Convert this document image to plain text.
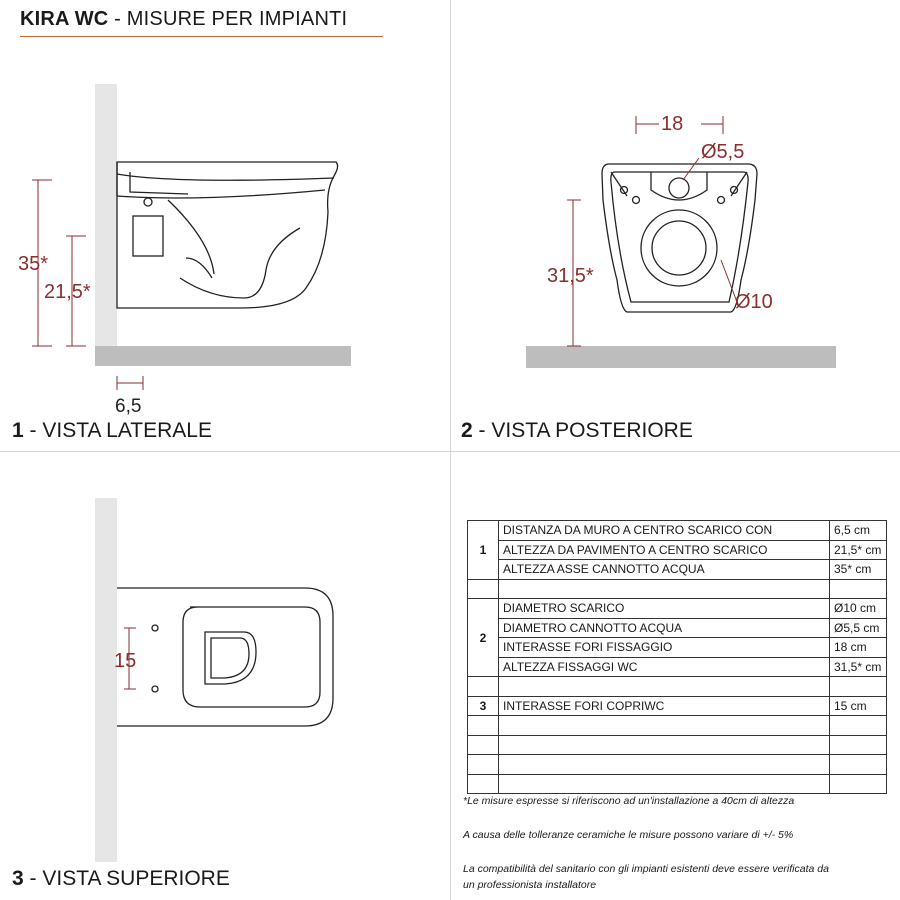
KIRA WC - MISURE PER IMPIANTI
35*
21,5*
6,5
1 - VISTA LATERALE
18
Ø5,5
31,5*
Ø10
2 - VISTA POSTERIORE
15
3 - VISTA SUPERIORE
1	DISTANZA DA MURO A CENTRO SCARICO CON	6,5 cm
	ALTEZZA DA PAVIMENTO A CENTRO SCARICO	21,5* cm
	ALTEZZA ASSE CANNOTTO ACQUA	35* cm

2	DIAMETRO SCARICO	Ø10 cm
	DIAMETRO CANNOTTO ACQUA	Ø5,5 cm
	INTERASSE FORI FISSAGGIO	18 cm
	ALTEZZA FISSAGGI WC	31,5* cm

3	INTERASSE FORI COPRIWC	15 cm

*Le misure espresse si riferiscono ad un'installazione a 40cm di altezza
A causa delle tolleranze ceramiche le misure possono variare di +/- 5%
La compatibilità del sanitario con gli impianti esistenti deve essere verificata da
un professionista installatore
